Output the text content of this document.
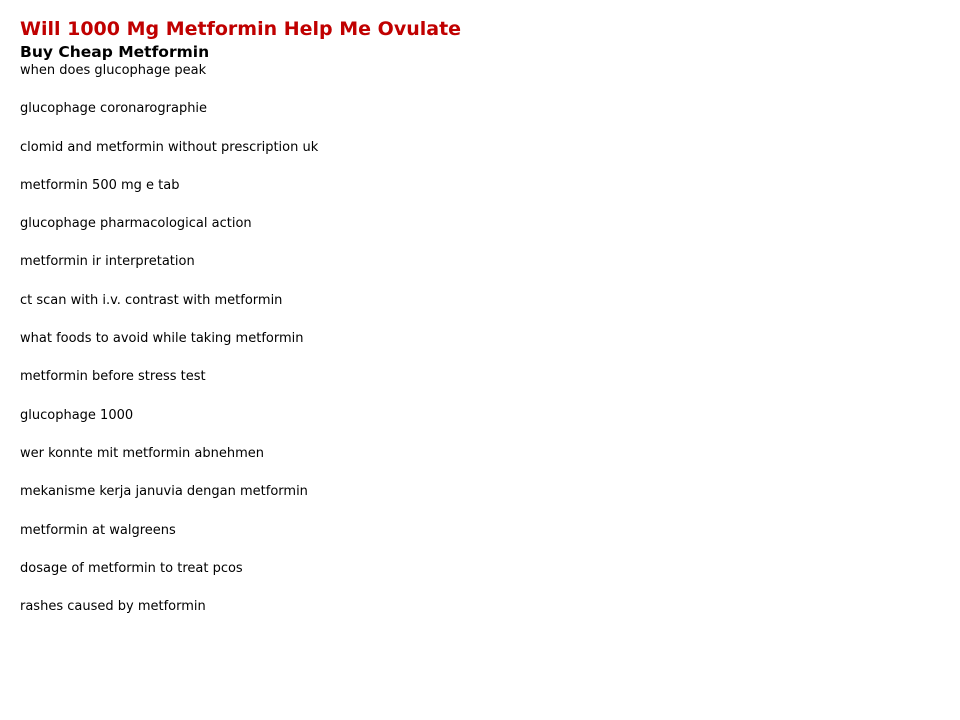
Will 1000 Mg Metformin Help Me Ovulate
Buy Cheap Metformin
when does glucophage peak
glucophage coronarographie
clomid and metformin without prescription uk
metformin 500 mg e tab
glucophage pharmacological action
metformin ir interpretation
ct scan with i.v. contrast with metformin
what foods to avoid while taking metformin
metformin before stress test
glucophage 1000
wer konnte mit metformin abnehmen
mekanisme kerja januvia dengan metformin
metformin at walgreens
dosage of metformin to treat pcos
rashes caused by metformin
